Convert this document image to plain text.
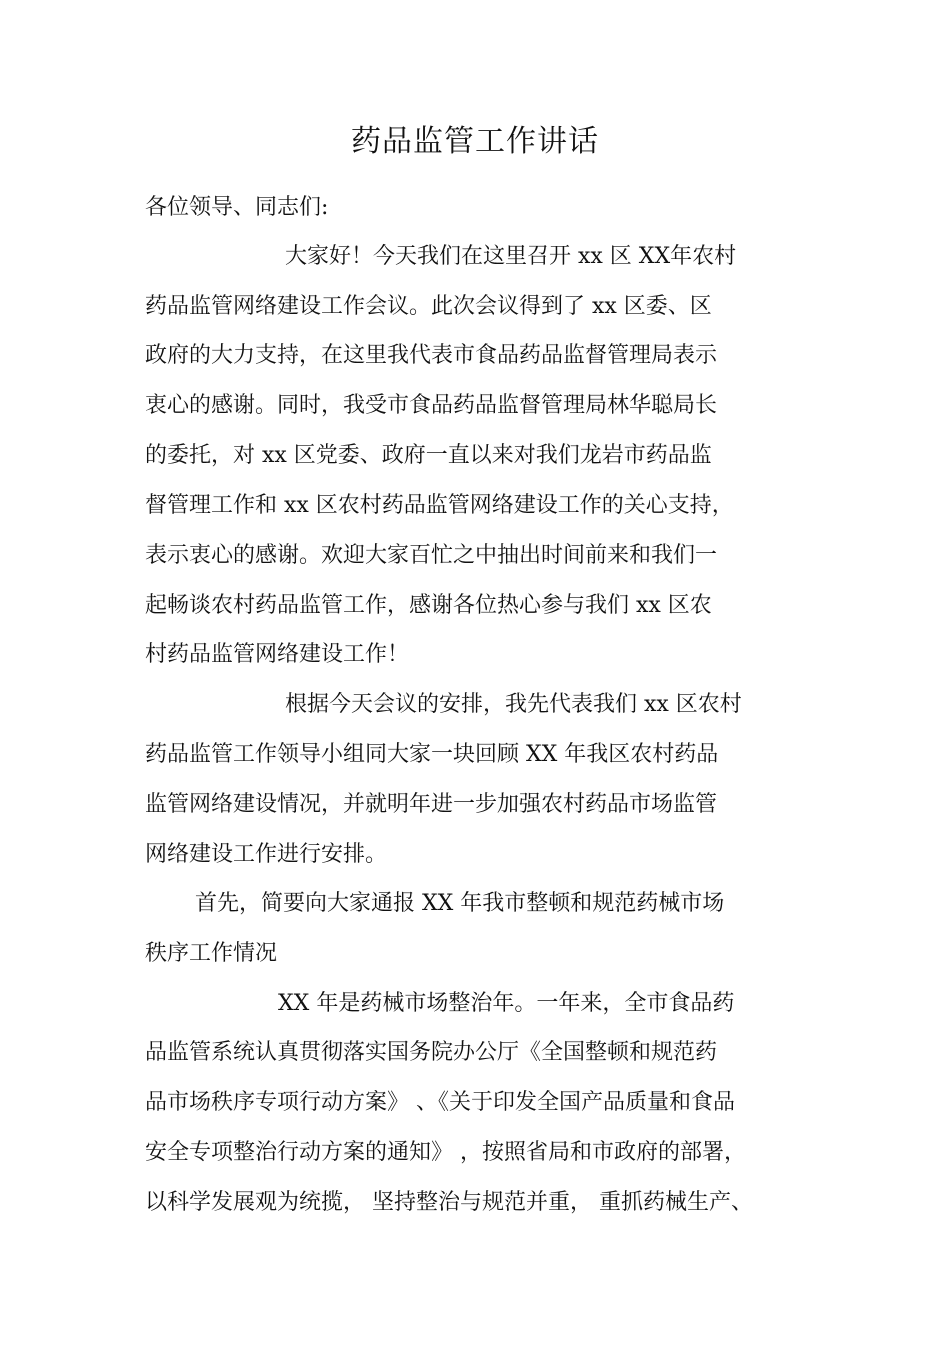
药品监管工作讲话

各位领导、同志们:

大家好！今天我们在这里召开 xx 区 XX年农村

药品监管网络建设工作会议。此次会议得到了 xx 区委、区

政府的大力支持，在这里我代表市食品药品监督管理局表示

衷心的感谢。同时，我受市食品药品监督管理局林华聪局长

的委托，对 xx 区党委、政府一直以来对我们龙岩市药品监

督管理工作和 xx 区农村药品监管网络建设工作的关心支持，

表示衷心的感谢。欢迎大家百忙之中抽出时间前来和我们一

起畅谈农村药品监管工作，感谢各位热心参与我们 xx 区农

村药品监管网络建设工作！

根据今天会议的安排，我先代表我们 xx 区农村

药品监管工作领导小组同大家一块回顾 XX 年我区农村药品

监管网络建设情况，并就明年进一步加强农村药品市场监管

网络建设工作进行安排。

首先，简要向大家通报 XX 年我市整顿和规范药械市场

秩序工作情况

XX 年是药械市场整治年。一年来，全市食品药

品监管系统认真贯彻落实国务院办公厅《全国整顿和规范药

品市场秩序专项行动方案》 、《关于印发全国产品质量和食品

安全专项整治行动方案的通知》 ，按照省局和市政府的部署，

以科学发展观为统揽， 坚持整治与规范并重， 重抓药械生产、
